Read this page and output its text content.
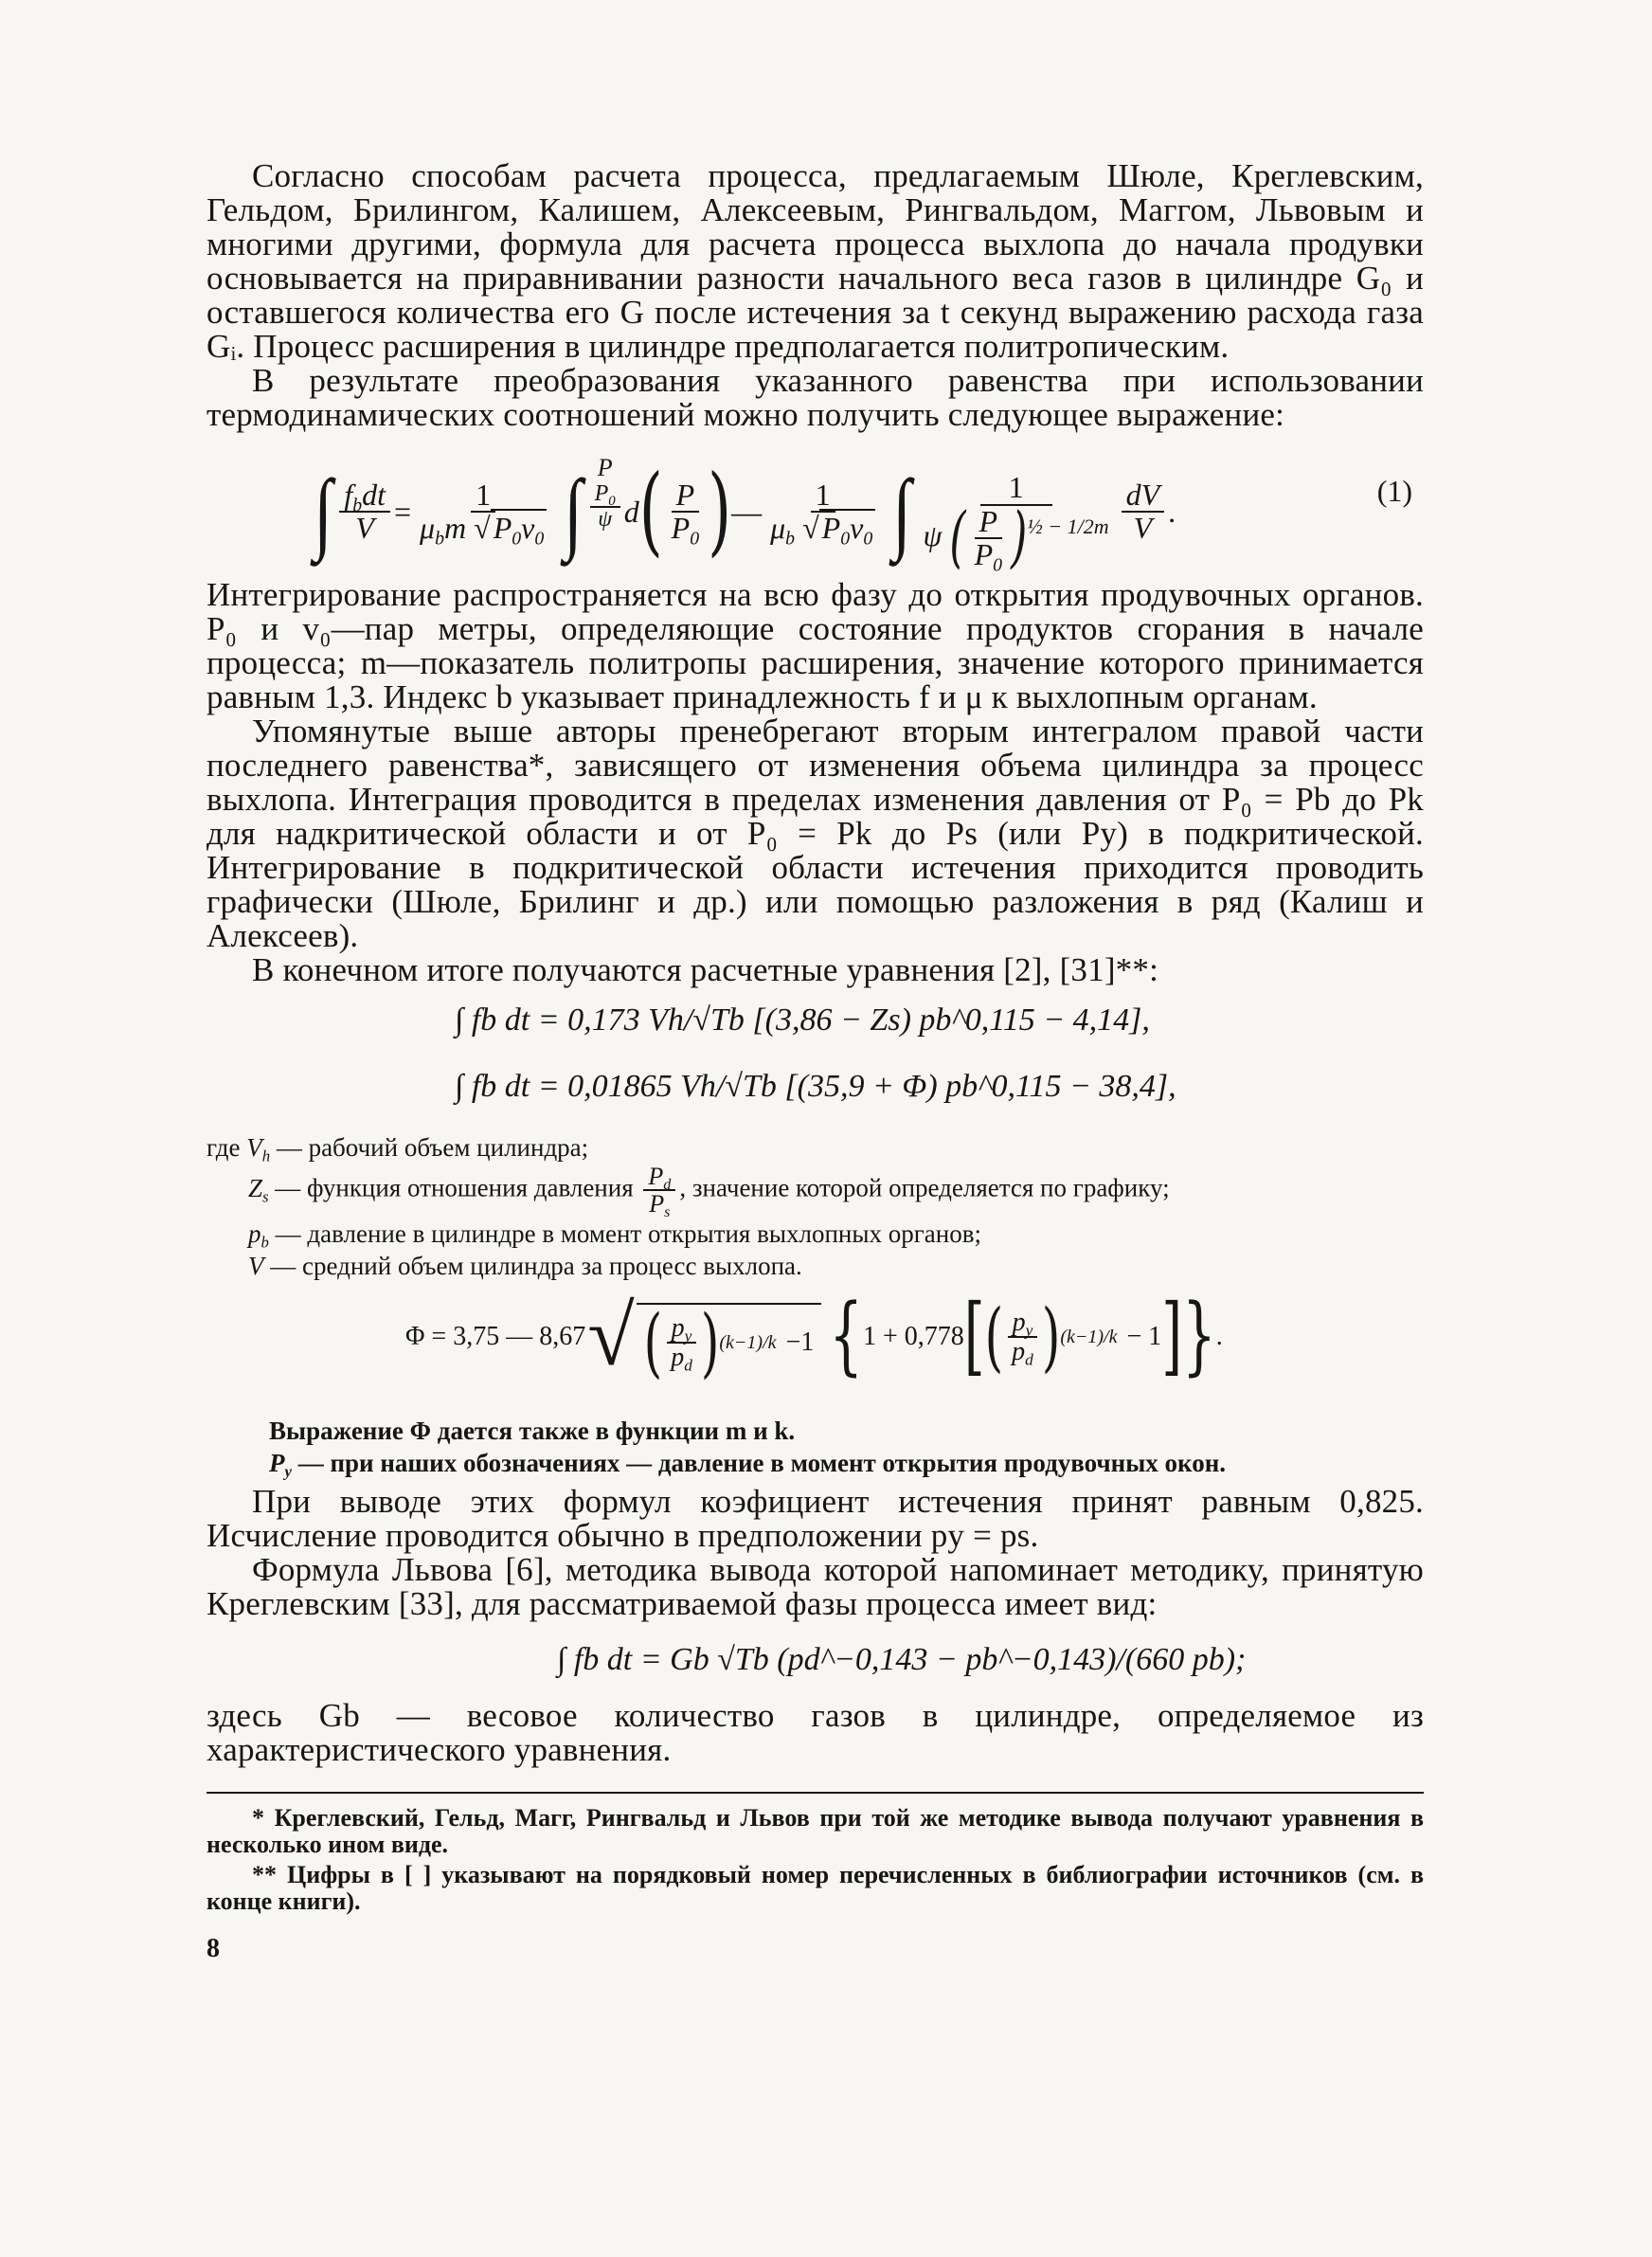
Согласно способам расчета процесса, предлагаемым Шюле, Креглевским, Гельдом, Брилингом, Калишем, Алексеевым, Рингвальдом, Маггом, Львовым и многими другими, формула для расчета процесса выхлопа до начала продувки основывается на приравнивании разности начального веса газов в цилиндре G₀ и оставшегося количества его G после истечения за t секунд выражению расхода газа Gᵢ. Процесс расширения в цилиндре предполагается политропическим.

В результате преобразования указанного равенства при использовании термодинамических соотношений можно получить следующее выражение:

∫ $\frac{f_bdt}{V} = \frac{1}{\mu_bm √P_0v_0}$ ∫ P
$\frac{P_0}{\psi}$ d ( $\frac{P}{P_0}$ ) — $\frac{1}{\mu_b √P_0v_0}$ ∫ $\frac{1}{\psi ( \frac{P}{P_0} )^{\frac{1}{2} - 1/2m}} \frac{dV}{V}$ .
(1)

Интегрирование распространяется на всю фазу до открытия продувочных органов. P₀ и v₀—пар метры, определяющие состояние продуктов сгорания в начале процесса; m—показатель политропы расширения, значение которого принимается равным 1,3. Индекс b указывает принадлежность f и μ к выхлопным органам.

Упомянутые выше авторы пренебрегают вторым интегралом правой части последнего равенства*, зависящего от изменения объема цилиндра за процесс выхлопа. Интеграция проводится в пределах изменения давления от P₀ = Pb до Pk для надкритической области и от P₀ = Pk до Ps (или Py) в подкритической. Интегрирование в подкритической области истечения приходится проводить графически (Шюле, Брилинг и др.) или помощью разложения в ряд (Калиш и Алексеев).

В конечном итоге получаются расчетные уравнения [2], [31]**:

∫ fb dt = 0,173 Vh/√Tb [(3,86 − Zs) pb^0,115 − 4,14],
∫ fb dt = 0,01865 Vh/√Tb [(35,9 + Φ) pb^0,115 − 38,4],

где $V_h$ — рабочий объем цилиндра;

$Z_s$ — функция отношения давления $\frac{P_d}{P_s}$ , значение которой определяется по графику;

$p_b$ — давление в цилиндре в момент открытия выхлопных органов;

V — средний объем цилиндра за процесс выхлопа.

Φ = 3,75 — 8,67 √ ( $\frac{p_y}{p_d}$ ) (k−1)/k −1 { 1 + 0,778 [ ( $\frac{p_y}{p_d}$ ) (k−1)/k − 1 ] } .

Выражение Φ дается также в функции m и k.

$P_y$ — при наших обозначениях — давление в момент открытия продувочных окон.

При выводе этих формул коэфициент истечения принят равным 0,825. Исчисление проводится обычно в предположении py = ps.

Формула Львова [6], методика вывода которой напоминает методику, принятую Креглевским [33], для рассматриваемой фазы процесса имеет вид:

∫ fb dt = Gb √Tb (pd^−0,143 − pb^−0,143)/(660 pb);

здесь Gb — весовое количество газов в цилиндре, определяемое из характеристического уравнения.

* Креглевский, Гельд, Магг, Рингвальд и Львов при той же методике вывода получают уравнения в несколько ином виде.

** Цифры в [ ] указывают на порядковый номер перечисленных в библиографии источников (см. в конце книги).

8
